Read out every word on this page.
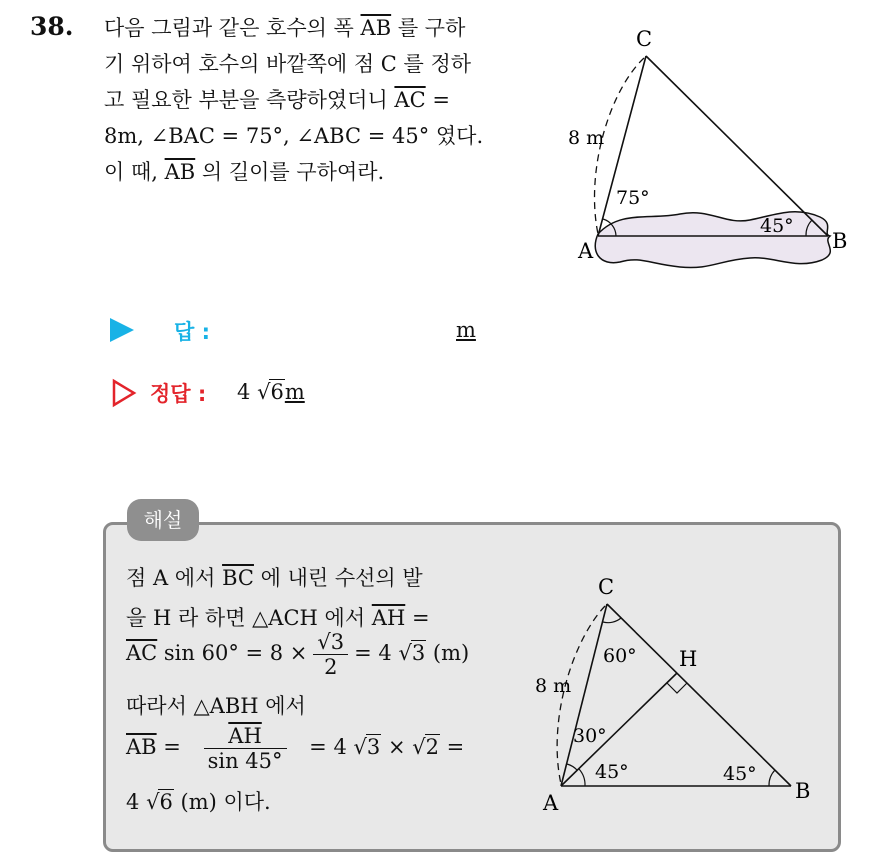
38. 다음 그림과 같은 호수의 폭 $\overline{AB}$ 를 구하
기 위하여 호수의 바깥쪽에 점 C 를 정하
고 필요한 부분을 측량하였더니 $\overline{AC}$ =
8m, ∠BAC = 75°, ∠ABC = 45° 였다.
이 때, $\overline{AB}$ 의 길이를 구하여라.
C
A	B
8 m
75°
45°
답 :	m
정답 : 4 √6m
해설
점 A 에서 $\overline{BC}$ 에 내린 수선의 발
을 H 라 하면 △ACH 에서 $\overline{AH}$ =
$\overline{AC}$ $\sin 60^\circ = 8 \times \frac{√3}{2} = 4$ √3 (m)
따라서 △ABH 에서
$\overline{AB} = \frac{\overline{AH}}{\sin 45^\circ} = 4$ √3 × √2 =
4 √6 (m) 이다.
C
H
A	B
8 m
60°
30°
45°	45°
